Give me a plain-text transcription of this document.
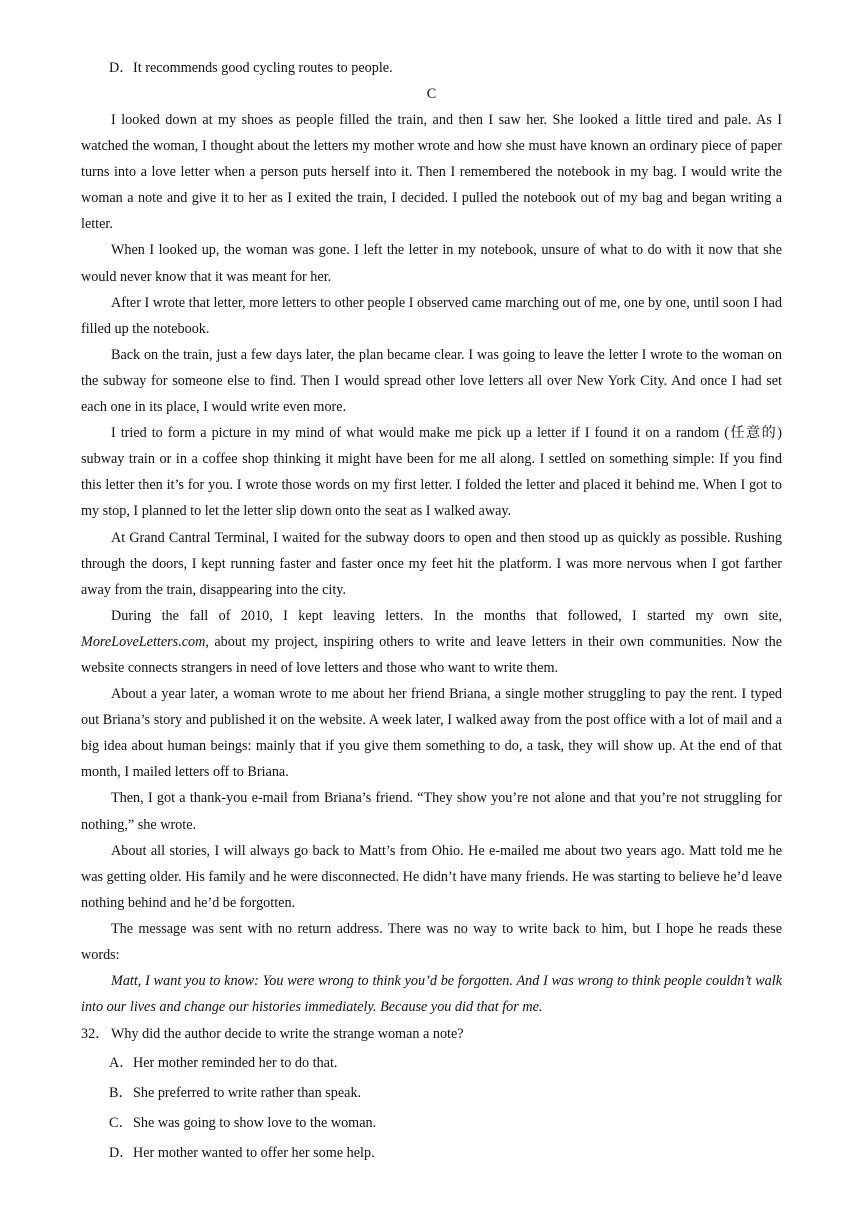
D．It recommends good cycling routes to people.
C

I looked down at my shoes as people filled the train, and then I saw her. She looked a little tired and pale. As I watched the woman, I thought about the letters my mother wrote and how she must have known an ordinary piece of paper turns into a love letter when a person puts herself into it. Then I remembered the notebook in my bag. I would write the woman a note and give it to her as I exited the train, I decided. I pulled the notebook out of my bag and began writing a letter.

When I looked up, the woman was gone. I left the letter in my notebook, unsure of what to do with it now that she would never know that it was meant for her.

After I wrote that letter, more letters to other people I observed came marching out of me, one by one, until soon I had filled up the notebook.

Back on the train, just a few days later, the plan became clear. I was going to leave the letter I wrote to the woman on the subway for someone else to find. Then I would spread other love letters all over New York City. And once I had set each one in its place, I would write even more.

I tried to form a picture in my mind of what would make me pick up a letter if I found it on a random (任意的) subway train or in a coffee shop thinking it might have been for me all along. I settled on something simple: If you find this letter then it’s for you. I wrote those words on my first letter. I folded the letter and placed it behind me. When I got to my stop, I planned to let the letter slip down onto the seat as I walked away.

At Grand Cantral Terminal, I waited for the subway doors to open and then stood up as quickly as possible. Rushing through the doors, I kept running faster and faster once my feet hit the platform. I was more nervous when I got farther away from the train, disappearing into the city.

During the fall of 2010, I kept leaving letters. In the months that followed, I started my own site, MoreLoveLetters.com, about my project, inspiring others to write and leave letters in their own communities. Now the website connects strangers in need of love letters and those who want to write them.

About a year later, a woman wrote to me about her friend Briana, a single mother struggling to pay the rent. I typed out Briana’s story and published it on the website. A week later, I walked away from the post office with a lot of mail and a big idea about human beings: mainly that if you give them something to do, a task, they will show up. At the end of that month, I mailed letters off to Briana.

Then, I got a thank-you e-mail from Briana’s friend. “They show you’re not alone and that you’re not struggling for nothing,” she wrote.

About all stories, I will always go back to Matt’s from Ohio. He e-mailed me about two years ago. Matt told me he was getting older. His family and he were disconnected. He didn’t have many friends. He was starting to believe he’d leave nothing behind and he’d be forgotten.

The message was sent with no return address. There was no way to write back to him, but I hope he reads these words:

Matt, I want you to know: You were wrong to think you’d be forgotten. And I was wrong to think people couldn’t walk into our lives and change our histories immediately. Because you did that for me.

32． Why did the author decide to write the strange woman a note?
A．Her mother reminded her to do that.
B．She preferred to write rather than speak.
C．She was going to show love to the woman.
D．Her mother wanted to offer her some help.
